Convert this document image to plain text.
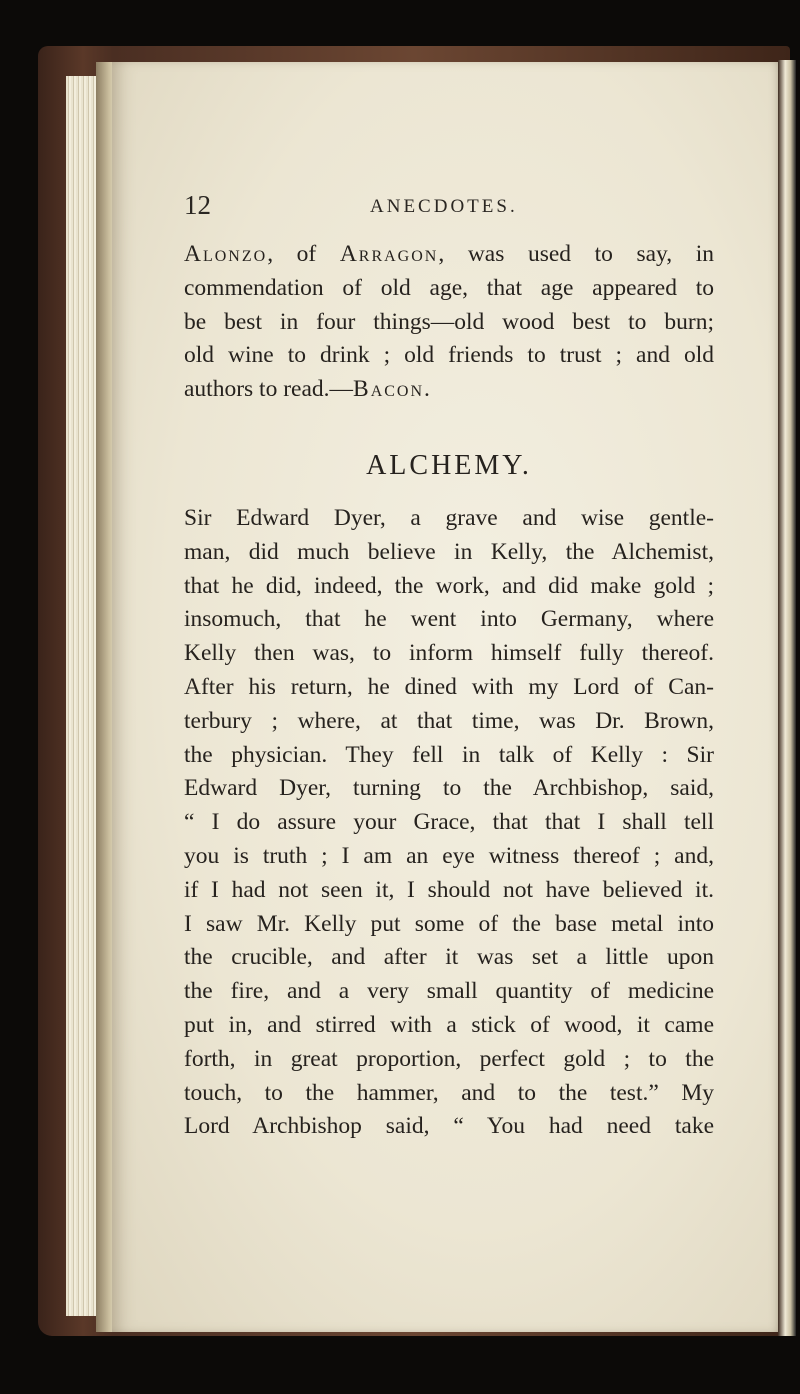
12	ANECDOTES.
Alonzo, of Arragon, was used to say, in
commendation of old age, that age appeared to
be best in four things—old wood best to burn;
old wine to drink ; old friends to trust ; and old
authors to read.—Bacon.
ALCHEMY.
Sir Edward Dyer, a grave and wise gentle-
man, did much believe in Kelly, the Alchemist,
that he did, indeed, the work, and did make gold ;
insomuch, that he went into Germany, where
Kelly then was, to inform himself fully thereof.
After his return, he dined with my Lord of Can-
terbury ; where, at that time, was Dr. Brown,
the physician. They fell in talk of Kelly : Sir
Edward Dyer, turning to the Archbishop, said,
“ I do assure your Grace, that that I shall tell
you is truth ; I am an eye witness thereof ; and,
if I had not seen it, I should not have believed it.
I saw Mr. Kelly put some of the base metal into
the crucible, and after it was set a little upon
the fire, and a very small quantity of medicine
put in, and stirred with a stick of wood, it came
forth, in great proportion, perfect gold ; to the
touch, to the hammer, and to the test.” My
Lord Archbishop said, “ You had need take
